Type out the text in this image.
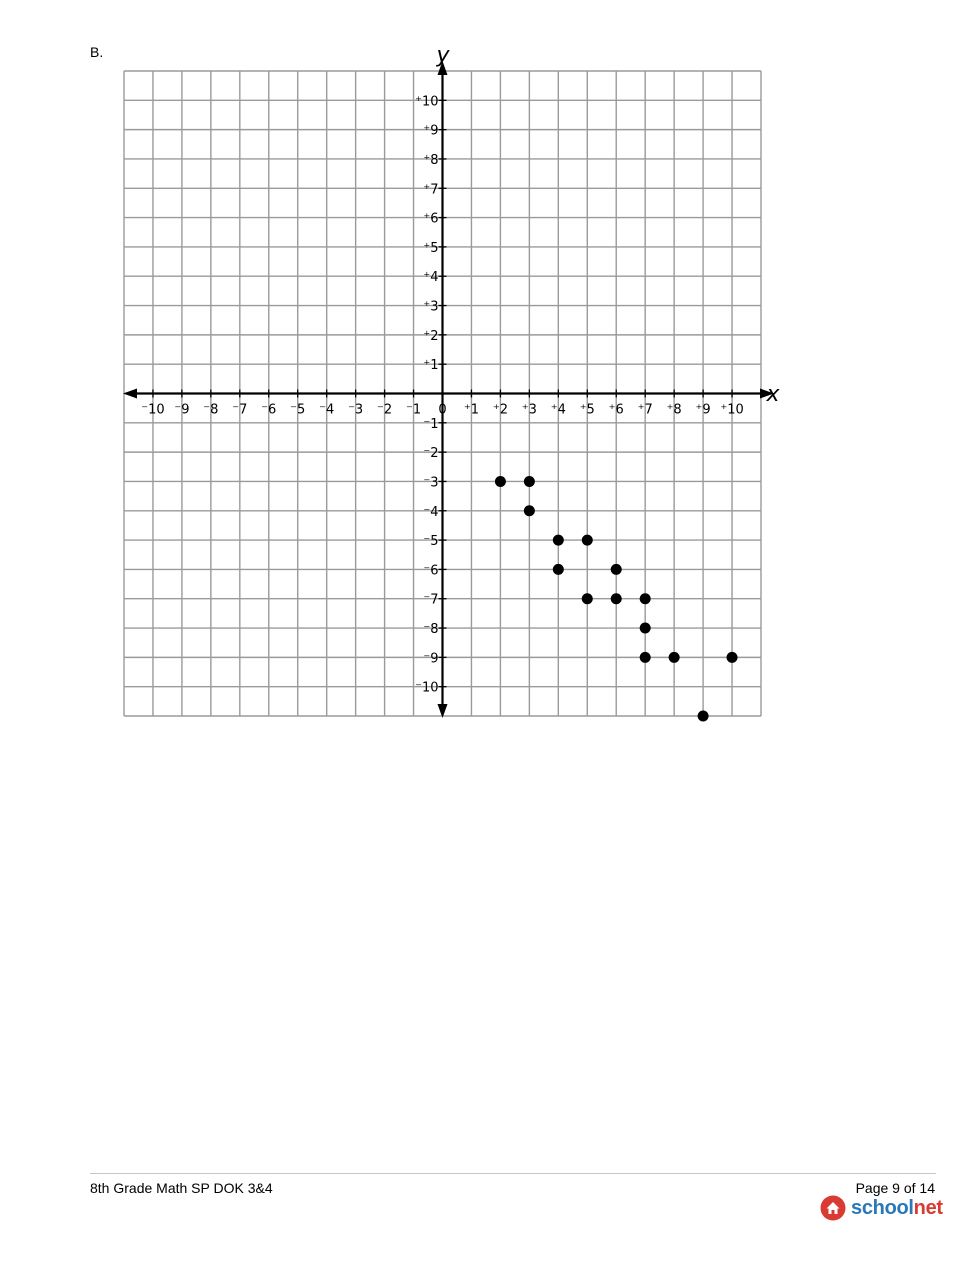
B.
⁻10 ⁻9 ⁻8 ⁻7 ⁻6 ⁻5 ⁻4 ⁻3 ⁻2 ⁻1 0 ⁺1 ⁺2 ⁺3 ⁺4 ⁺5 ⁺6 ⁺7 ⁺8 ⁺9 ⁺10
⁺1
⁺2
⁺3
⁺4
⁺5
⁺6
⁺7
⁺8
⁺9
⁺10
⁻1
⁻2
⁻3
⁻4
⁻5
⁻6
⁻7
⁻8
⁻9
⁻10
x
y
8th Grade Math SP DOK 3&4	Page 9 of 14
schoolnet
